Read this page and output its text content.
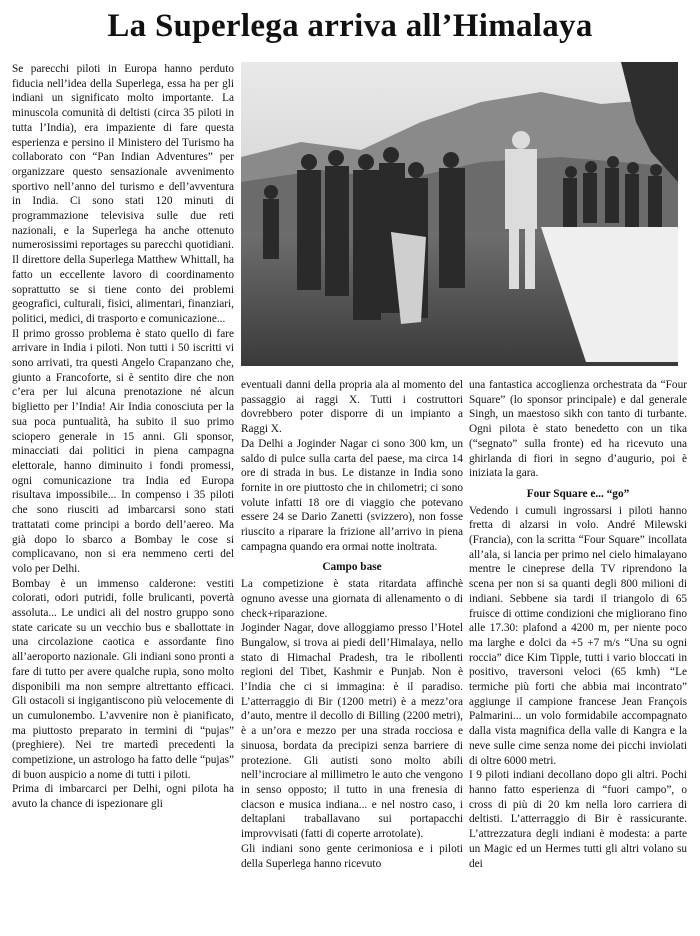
La Superlega arriva all’Himalaya

Se parecchi piloti in Europa hanno perduto fiducia nell’idea della Superlega, essa ha per gli indiani un significato molto importante. La minuscola comunità di deltisti (circa 35 piloti in tutta l’India), era impaziente di fare questa esperienza e persino il Ministero del Turismo ha collaborato con “Pan Indian Adventures” per organizzare questo sensazionale avvenimento sportivo nell’anno del turismo e dell’avventura in India. Ci sono stati 120 minuti di programmazione televisiva sulle due reti nazionali, e la Superlega ha anche ottenuto numerosissimi reportages su parecchi quotidiani. Il direttore della Superlega Matthew Whittall, ha fatto un eccellente lavoro di coordinamento soprattutto se si tiene conto dei problemi geografici, culturali, fisici, alimentari, finanziari, politici, medici, di trasporto e comunicazione...

Il primo grosso problema è stato quello di fare arrivare in India i piloti. Non tutti i 50 iscritti vi sono arrivati, tra questi Angelo Crapanzano che, giunto a Francoforte, si è sentito dire che non c’era per lui alcuna prenotazione né alcun biglietto per l’India! Air India conosciuta per la sua poca puntualità, ha subito il suo primo sciopero generale in 15 anni. Gli sponsor, minacciati dai politici in piena campagna elettorale, hanno diminuito i fondi promessi, ogni comunicazione tra India ed Europa risultava impossibile... In compenso i 35 piloti che sono riusciti ad imbarcarsi sono stati trattatati come principi a bordo dell’aereo. Ma già dopo lo sbarco a Bombay le cose si complicavano, non si era nemmeno certi del volo per Delhi.

Bombay è un immenso calderone: vestiti colorati, odori putridi, folle brulicanti, povertà assoluta... Le undici ali del nostro gruppo sono state caricate su un vecchio bus e sballottate in una circolazione caotica e assordante fino all’aeroporto nazionale. Gli indiani sono pronti a fare di tutto per avere qualche rupia, sono molto disponibili ma non sempre altrettanto efficaci. Gli ostacoli si ingigantiscono più velocemente di un cumulonembo. L’avvenire non è pianificato, ma piuttosto preparato in termini di “pujas” (preghiere). Nei tre martedì precedenti la competizione, un astrologo ha fatto delle “pujas” di buon auspicio a nome di tutti i piloti.

Prima di imbarcarci per Delhi, ogni pilota ha avuto la chance di ispezionare gli

eventuali danni della propria ala al momento del passaggio ai raggi X. Tutti i costruttori dovrebbero poter disporre di un impianto a Raggi X.

Da Delhi a Joginder Nagar ci sono 300 km, un saldo di pulce sulla carta del paese, ma circa 14 ore di strada in bus. Le distanze in India sono fornite in ore piuttosto che in chilometri; ci sono volute infatti 18 ore di viaggio che potevano essere 24 se Dario Zanetti (svizzero), non fosse riuscito a riparare la frizione all’arrivo in piena campagna quando era ormai notte inoltrata.

Campo base

La competizione è stata ritardata affinchè ognuno avesse una giornata di allenamento o di check+riparazione.

Joginder Nagar, dove alloggiamo presso l’Hotel Bungalow, si trova ai piedi dell’Himalaya, nello stato di Himachal Pradesh, tra le ribollenti regioni del Tibet, Kashmir e Punjab. Non è l’India che ci si immagina: è il paradiso. L’atterraggio di Bir (1200 metri) è a mezz’ora d’auto, mentre il decollo di Billing (2200 metri), è a un’ora e mezzo per una strada rocciosa e sinuosa, bordata da precipizi senza barriere di protezione. Gli autisti sono molto abili nell’incrociare al millimetro le auto che vengono in senso opposto; il tutto in una frenesia di clacson e musica indiana... e nel nostro caso, i deltaplani traballavano sui portapacchi improvvisati (fatti di coperte arrotolate).

Gli indiani sono gente cerimoniosa e i piloti della Superlega hanno ricevuto

una fantastica accoglienza orchestrata da “Four Square” (lo sponsor principale) e dal generale Singh, un maestoso sikh con tanto di turbante. Ogni pilota è stato benedetto con un tika (“segnato” sulla fronte) ed ha ricevuto una ghirlanda di fiori in segno d’augurio, poi è iniziata la gara.

Four Square e... “go”

Vedendo i cumuli ingrossarsi i piloti hanno fretta di alzarsi in volo. André Milewski (Francia), con la scritta “Four Square” incollata all’ala, si lancia per primo nel cielo himalayano mentre le cineprese della TV riprendono la scena per non si sa quanti degli 800 milioni di indiani. Sebbene sia tardi il triangolo di 65 fruisce di ottime condizioni che migliorano fino alle 17.30: plafond a 4200 m, per niente poco ma larghe e dolci da +5 +7 m/s “Una su ogni roccia” dice Kim Tipple, tutti i vario bloccati in positivo, traversoni veloci (65 kmh) “Le termiche più forti che abbia mai incontrato” aggiunge il campione francese Jean François Palmarini... un volo formidabile accompagnato dalla vista magnifica della valle di Kangra e la neve sulle cime senza nome dei picchi inviolati di oltre 6000 metri.

I 9 piloti indiani decollano dopo gli altri. Pochi hanno fatto esperienza di “fuori campo”, o cross di più di 20 km nella loro carriera di deltisti. L’atterraggio di Bir è rassicurante. L’attrezzatura degli indiani è modesta: a parte un Magic ed un Hermes tutti gli altri volano su dei
